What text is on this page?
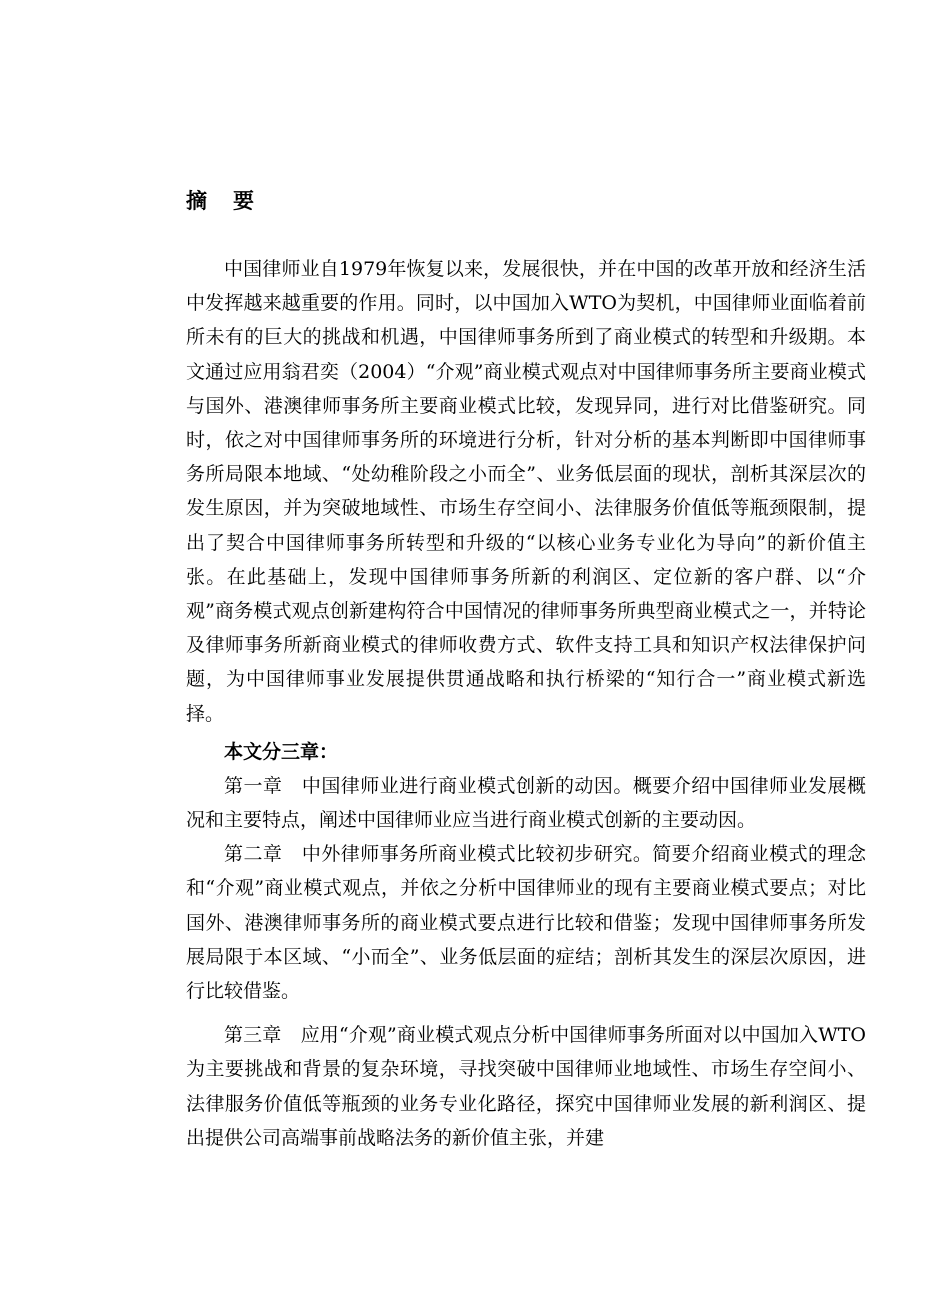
摘要

中国律师业自1979年恢复以来，发展很快，并在中国的改革开放和经济生活中发挥越来越重要的作用。同时，以中国加入WTO为契机，中国律师业面临着前所未有的巨大的挑战和机遇，中国律师事务所到了商业模式的转型和升级期。本文通过应用翁君奕（2004）“介观”商业模式观点对中国律师事务所主要商业模式与国外、港澳律师事务所主要商业模式比较，发现异同，进行对比借鉴研究。同时，依之对中国律师事务所的环境进行分析，针对分析的基本判断即中国律师事务所局限本地域、“处幼稚阶段之小而全”、业务低层面的现状，剖析其深层次的发生原因，并为突破地域性、市场生存空间小、法律服务价值低等瓶颈限制，提出了契合中国律师事务所转型和升级的“以核心业务专业化为导向”的新价值主张。在此基础上，发现中国律师事务所新的利润区、定位新的客户群、以“介观”商务模式观点创新建构符合中国情况的律师事务所典型商业模式之一，并特论及律师事务所新商业模式的律师收费方式、软件支持工具和知识产权法律保护问题，为中国律师事业发展提供贯通战略和执行桥梁的“知行合一”商业模式新选择。

本文分三章：

第一章　中国律师业进行商业模式创新的动因。概要介绍中国律师业发展概况和主要特点，阐述中国律师业应当进行商业模式创新的主要动因。

第二章　中外律师事务所商业模式比较初步研究。简要介绍商业模式的理念和“介观”商业模式观点，并依之分析中国律师业的现有主要商业模式要点；对比国外、港澳律师事务所的商业模式要点进行比较和借鉴；发现中国律师事务所发展局限于本区域、“小而全”、业务低层面的症结；剖析其发生的深层次原因，进行比较借鉴。

第三章　应用“介观”商业模式观点分析中国律师事务所面对以中国加入WTO为主要挑战和背景的复杂环境，寻找突破中国律师业地域性、市场生存空间小、法律服务价值低等瓶颈的业务专业化路径，探究中国律师业发展的新利润区、提出提供公司高端事前战略法务的新价值主张，并建
